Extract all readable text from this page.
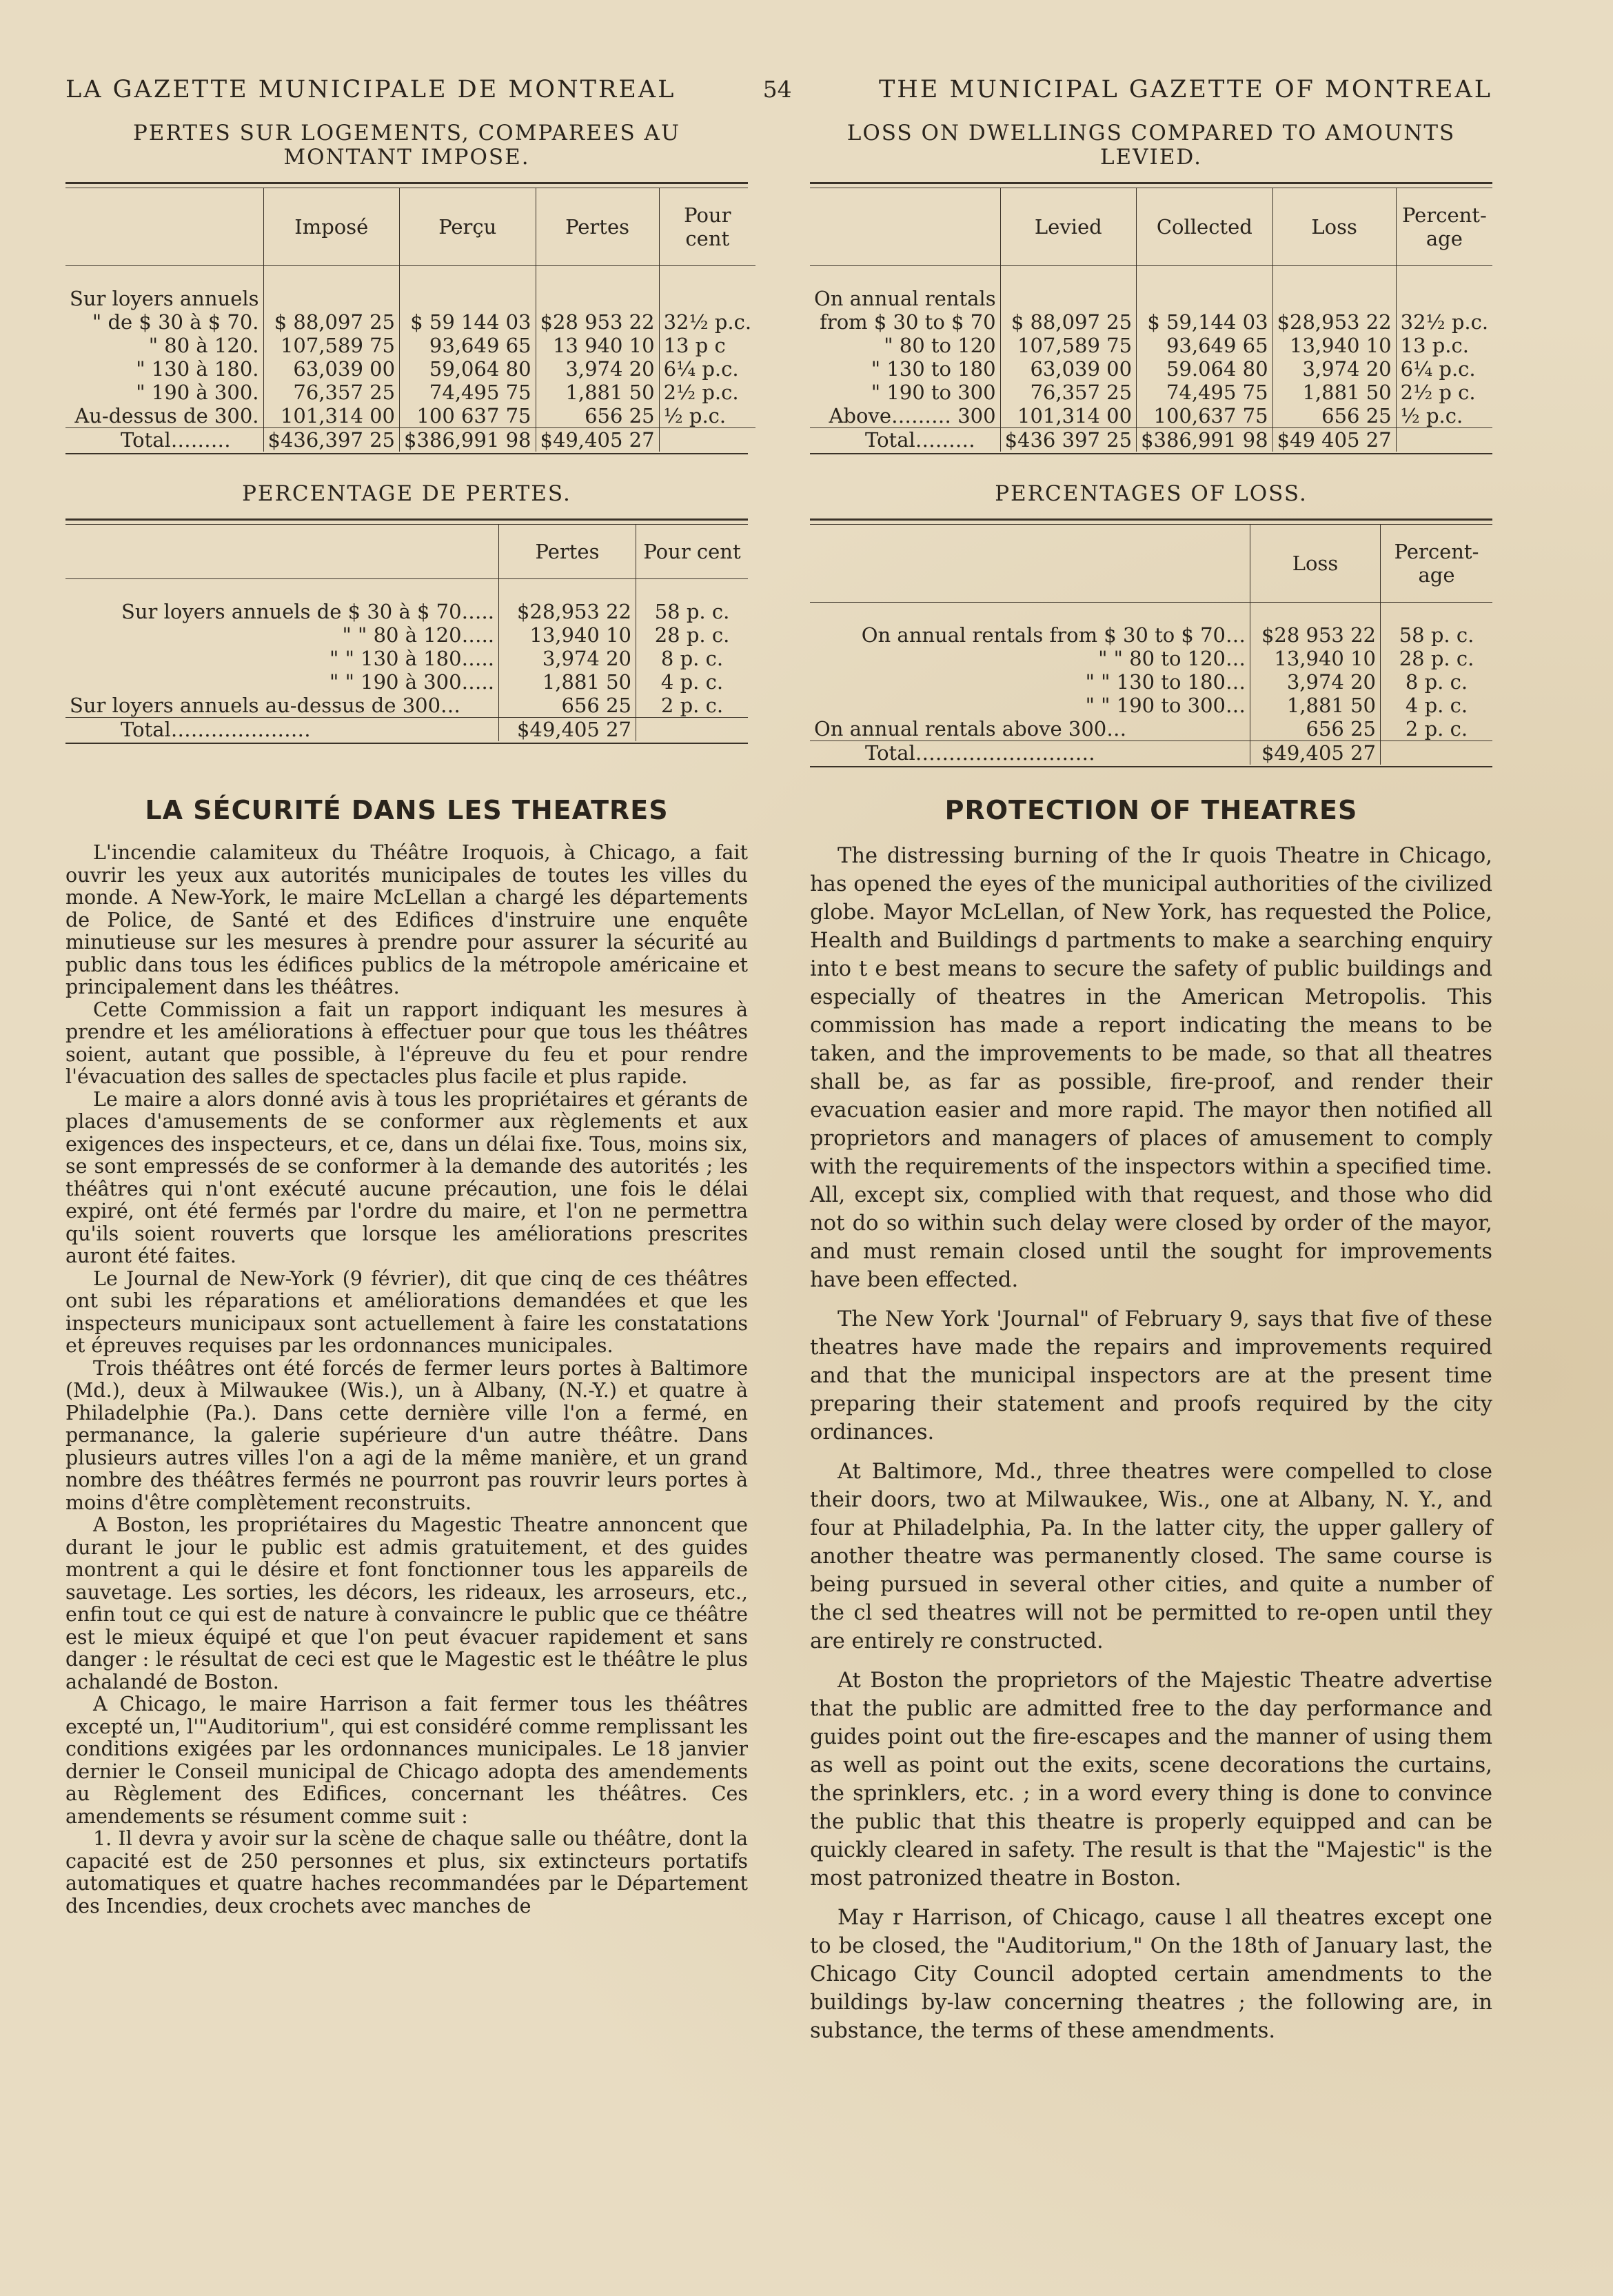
LA GAZETTE MUNICIPALE DE MONTREAL	54	THE MUNICIPAL GAZETTE OF MONTREAL
PERTES SUR LOGEMENTS, COMPAREES AU MONTANT IMPOSE.
	Imposé	Perçu	Pertes	Pour cent

Sur loyers annuels				
" de $ 30 à $ 70.	$ 88,097 25	$ 59 144 03	$28 953 22	32½ p.c.
" 80 à 120.	107,589 75	93,649 65	13 940 10	13 p c
" 130 à 180.	63,039 00	59,064 80	3,974 20	6¼ p.c.
" 190 à 300.	76,357 25	74,495 75	1,881 50	2½ p.c.
Au-dessus de 300.	101,314 00	100 637 75	656 25	½ p.c.
Total………	$436,397 25	$386,991 98	$49,405 27	
LOSS ON DWELLINGS COMPARED TO AMOUNTS LEVIED.
	Levied	Collected	Loss	Percent-age

On annual rentals				
from $ 30 to $ 70	$ 88,097 25	$ 59,144 03	$28,953 22	32½ p.c.
" 80 to 120	107,589 75	93,649 65	13,940 10	13 p.c.
" 130 to 180	63,039 00	59.064 80	3,974 20	6¼ p.c.
" 190 to 300	76,357 25	74,495 75	1,881 50	2½ p c.
Above……… 300	101,314 00	100,637 75	656 25	½ p.c.
Total………	$436 397 25	$386,991 98	$49 405 27	
PERCENTAGE DE PERTES.
	Pertes	Pour cent

Sur loyers annuels de $ 30 à $ 70…..	$28,953 22	58 p. c.
" " 80 à 120…..	13,940 10	28 p. c.
" " 130 à 180…..	3,974 20	8 p. c.
" " 190 à 300…..	1,881 50	4 p. c.
Sur loyers annuels au-dessus de 300…	656 25	2 p. c.
Total…………………	$49,405 27	
PERCENTAGES OF LOSS.
	Loss	Percent-age

On annual rentals from $ 30 to $ 70…	$28 953 22	58 p. c.
" " 80 to 120…	13,940 10	28 p. c.
" " 130 to 180…	3,974 20	8 p. c.
" " 190 to 300…	1,881 50	4 p. c.
On annual rentals above 300…	656 25	2 p. c.
Total………………………	$49,405 27	
LA SÉCURITÉ DANS LES THEATRES

L'incendie calamiteux du Théâtre Iroquois, à Chicago, a fait ouvrir les yeux aux autorités municipales de toutes les villes du monde. A New-York, le maire McLellan a chargé les départements de Police, de Santé et des Edifices d'instruire une enquête minutieuse sur les mesures à prendre pour assurer la sécurité au public dans tous les édifices publics de la métropole américaine et principalement dans les théâtres.

Cette Commission a fait un rapport indiquant les mesures à prendre et les améliorations à effectuer pour que tous les théâtres soient, autant que possible, à l'épreuve du feu et pour rendre l'évacuation des salles de spectacles plus facile et plus rapide.

Le maire a alors donné avis à tous les propriétaires et gérants de places d'amusements de se conformer aux règlements et aux exigences des inspecteurs, et ce, dans un délai fixe. Tous, moins six, se sont empressés de se conformer à la demande des autorités ; les théâtres qui n'ont exécuté aucune précaution, une fois le délai expiré, ont été fermés par l'ordre du maire, et l'on ne permettra qu'ils soient rouverts que lorsque les améliorations prescrites auront été faites.

Le Journal de New-York (9 février), dit que cinq de ces théâtres ont subi les réparations et améliorations demandées et que les inspecteurs municipaux sont actuellement à faire les constatations et épreuves requises par les ordonnances municipales.

Trois théâtres ont été forcés de fermer leurs portes à Baltimore (Md.), deux à Milwaukee (Wis.), un à Albany, (N.-Y.) et quatre à Philadelphie (Pa.). Dans cette dernière ville l'on a fermé, en permanance, la galerie supérieure d'un autre théâtre. Dans plusieurs autres villes l'on a agi de la même manière, et un grand nombre des théâtres fermés ne pourront pas rouvrir leurs portes à moins d'être complètement reconstruits.

A Boston, les propriétaires du Magestic Theatre annoncent que durant le jour le public est admis gratuitement, et des guides montrent a qui le désire et font fonctionner tous les appareils de sauvetage. Les sorties, les décors, les rideaux, les arroseurs, etc., enfin tout ce qui est de nature à convaincre le public que ce théâtre est le mieux équipé et que l'on peut évacuer rapidement et sans danger : le résultat de ceci est que le Magestic est le théâtre le plus achalandé de Boston.

A Chicago, le maire Harrison a fait fermer tous les théâtres excepté un, l'"Auditorium", qui est considéré comme remplissant les conditions exigées par les ordonnances municipales. Le 18 janvier dernier le Conseil municipal de Chicago adopta des amendements au Règlement des Edifices, concernant les théâtres. Ces amendements se résument comme suit :

1. Il devra y avoir sur la scène de chaque salle ou théâtre, dont la capacité est de 250 personnes et plus, six extincteurs portatifs automatiques et quatre haches recommandées par le Département des Incendies, deux crochets avec manches de

PROTECTION OF THEATRES

The distressing burning of the Ir quois Theatre in Chicago, has opened the eyes of the municipal authorities of the civilized globe. Mayor McLellan, of New York, has requested the Police, Health and Buildings d partments to make a searching enquiry into t e best means to secure the safety of public buildings and especially of theatres in the American Metropolis. This commission has made a report indicating the means to be taken, and the improvements to be made, so that all theatres shall be, as far as possible, fire-proof, and render their evacuation easier and more rapid. The mayor then notified all proprietors and managers of places of amusement to comply with the requirements of the inspectors within a specified time. All, except six, complied with that request, and those who did not do so within such delay were closed by order of the mayor, and must remain closed until the sought for improvements have been effected.

The New York 'Journal" of February 9, says that five of these theatres have made the repairs and improvements required and that the municipal inspectors are at the present time preparing their statement and proofs required by the city ordinances.

At Baltimore, Md., three theatres were compelled to close their doors, two at Milwaukee, Wis., one at Albany, N. Y., and four at Philadelphia, Pa. In the latter city, the upper gallery of another theatre was permanently closed. The same course is being pursued in several other cities, and quite a number of the cl sed theatres will not be permitted to re-open until they are entirely re constructed.

At Boston the proprietors of the Majestic Theatre advertise that the public are admitted free to the day performance and guides point out the fire-escapes and the manner of using them as well as point out the exits, scene decorations the curtains, the sprinklers, etc. ; in a word every thing is done to convince the public that this theatre is properly equipped and can be quickly cleared in safety. The result is that the "Majestic" is the most patronized theatre in Boston.

May r Harrison, of Chicago, cause l all theatres except one to be closed, the "Auditorium," On the 18th of January last, the Chicago City Council adopted certain amendments to the buildings by-law concerning theatres ; the following are, in substance, the terms of these amendments.
